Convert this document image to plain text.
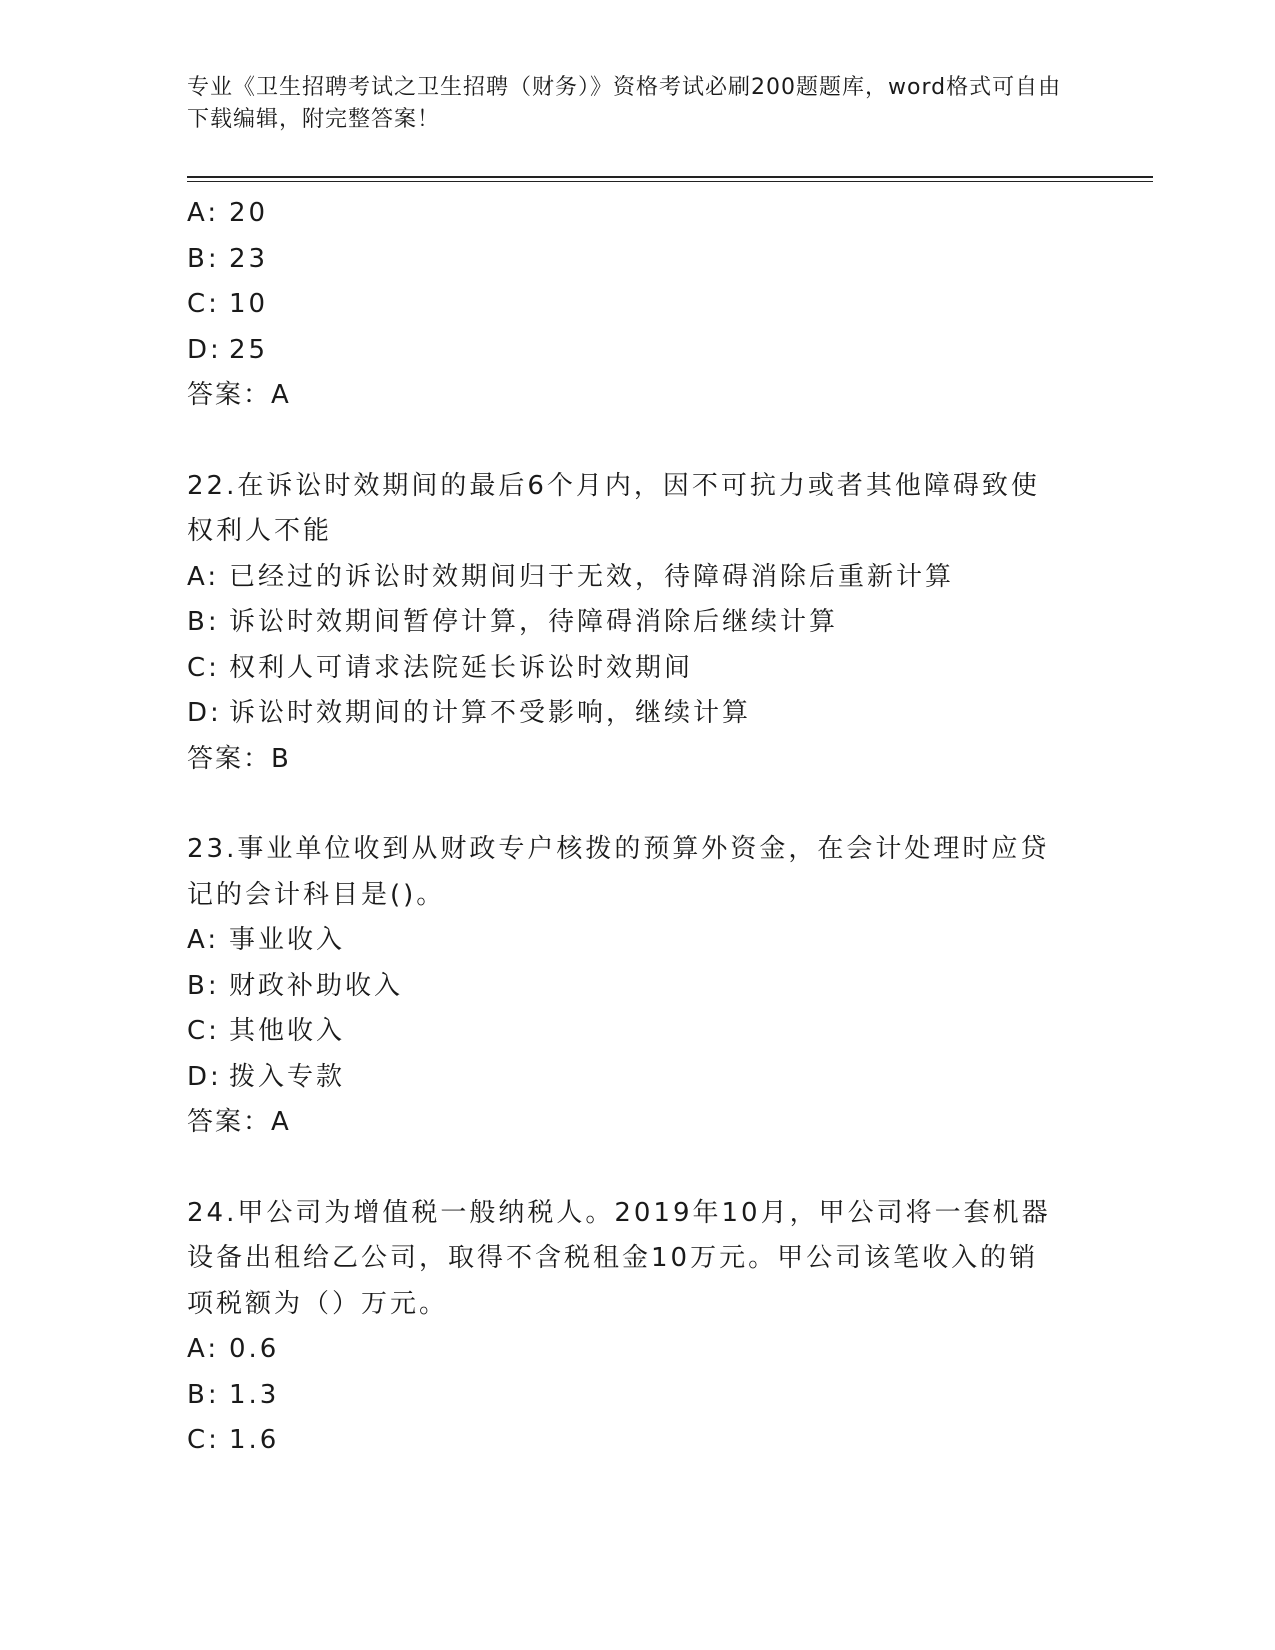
专业《卫生招聘考试之卫生招聘（财务）》资格考试必刷200题题库，word格式可自由下载编辑，附完整答案！
A: 20
B: 23
C: 10
D: 25
答案：A
22.在诉讼时效期间的最后6个月内，因不可抗力或者其他障碍致使权利人不能
A: 已经过的诉讼时效期间归于无效，待障碍消除后重新计算
B: 诉讼时效期间暂停计算，待障碍消除后继续计算
C: 权利人可请求法院延长诉讼时效期间
D: 诉讼时效期间的计算不受影响，继续计算
答案：B
23.事业单位收到从财政专户核拨的预算外资金，在会计处理时应贷记的会计科目是()。
A: 事业收入
B: 财政补助收入
C: 其他收入
D: 拨入专款
答案：A
24.甲公司为增值税一般纳税人。2019年10月，甲公司将一套机器设备出租给乙公司，取得不含税租金10万元。甲公司该笔收入的销项税额为（）万元。
A: 0.6
B: 1.3
C: 1.6
